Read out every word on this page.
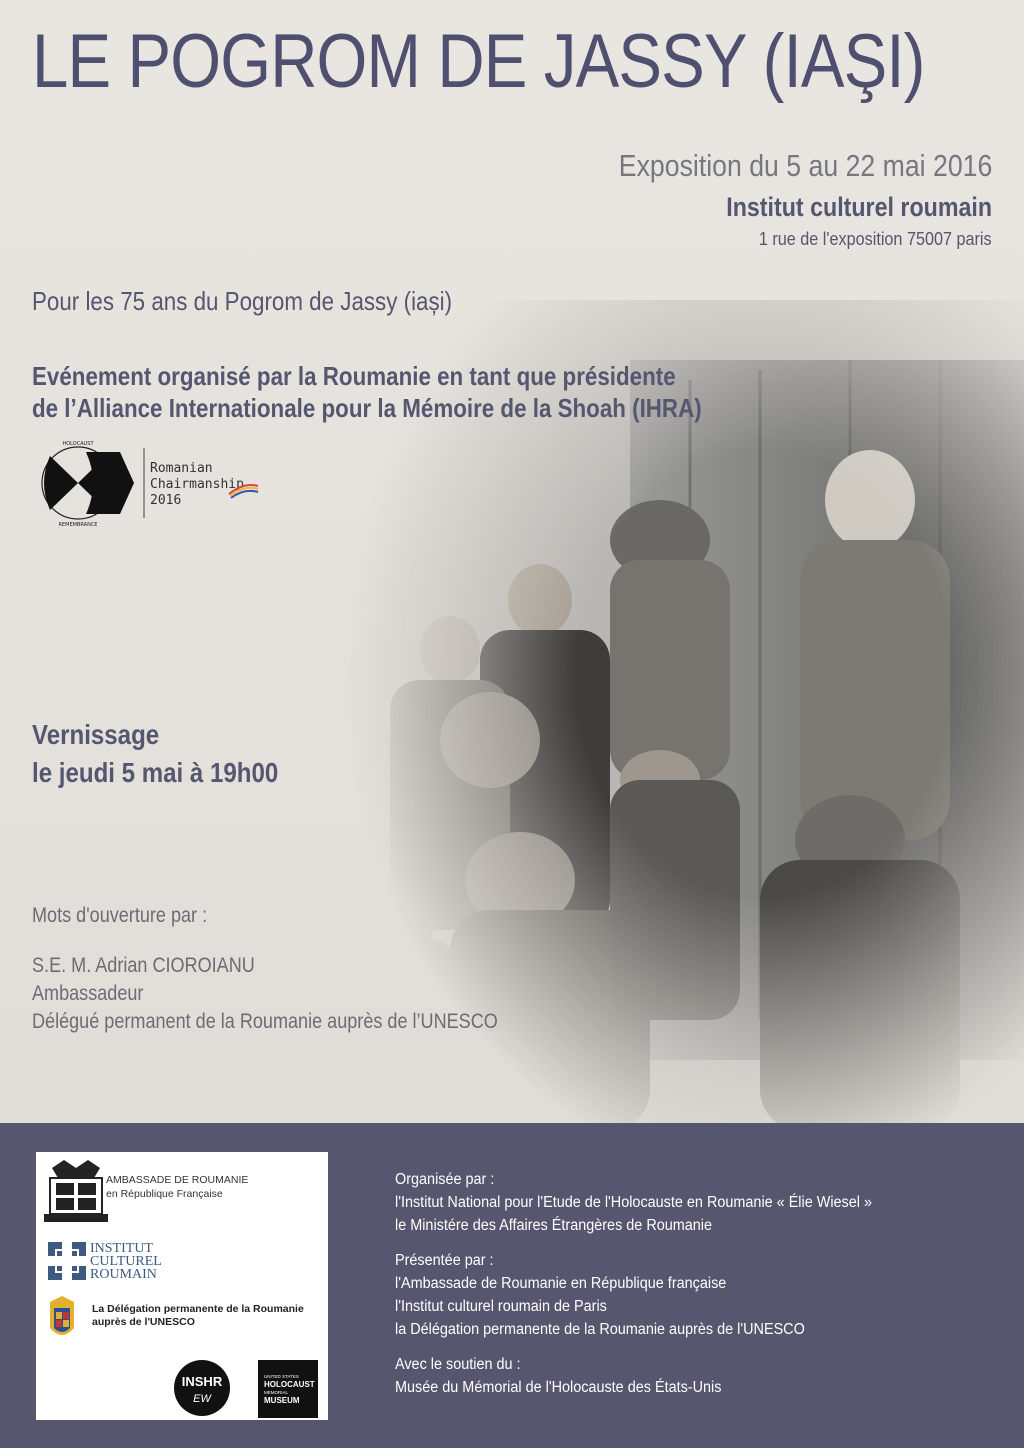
LE POGROM DE JASSY (IAŞI)
Exposition du 5 au 22 mai 2016
Institut culturel roumain
1 rue de l'exposition 75007 paris
Pour les 75 ans du Pogrom de Jassy (iași)
Evénement organisé par la Roumanie en tant que présidente
de l’Alliance Internationale pour la Mémoire de la Shoah (IHRA)
HOLOCAUST
REMEMBRANCE
Romanian
Chairmanship
2016
Vernissage
le jeudi 5 mai à 19h00
Mots d'ouverture par :
S.E. M. Adrian CIOROIANU
Ambassadeur
Délégué permanent de la Roumanie auprès de l’UNESCO
AMBASSADE DE ROUMANIE
en République Française
INSTITUT
CULTUREL
ROUMAIN
La Délégation permanente de la Roumanie
auprès de l'UNESCO
INSHR
EW
UNITED STATES
HOLOCAUST
MEMORIAL
MUSEUM
Organisée par :
l'Institut National pour l'Etude de l'Holocauste en Roumanie « Élie Wiesel »
le Ministére des Affaires Étrangères de Roumanie
Présentée par :
l'Ambassade de Roumanie en République française
l'Institut culturel roumain de Paris
la Délégation permanente de la Roumanie auprès de l'UNESCO
Avec le soutien du :
Musée du Mémorial de l'Holocauste des États-Unis
